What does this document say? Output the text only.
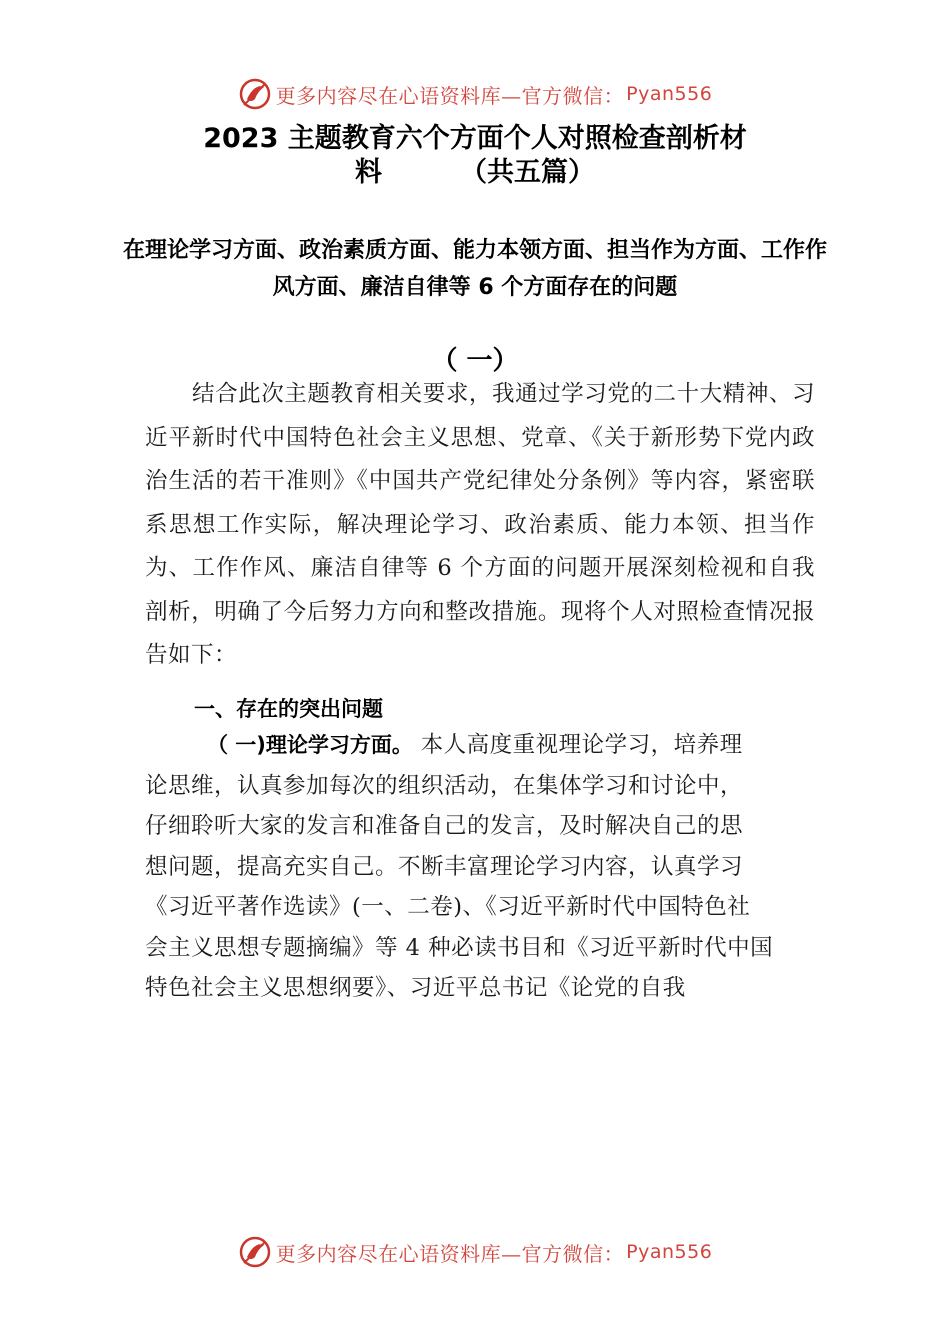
更多内容尽在心语资料库—官方微信： Pyan556
2023 主题教育六个方面个人对照检查剖析材
料	（共五篇）
在理论学习方面、政治素质方面、能力本领方面、担当作为方面、工作作风方面、廉洁自律等 6 个方面存在的问题
（ 一）
结合此次主题教育相关要求，我通过学习党的二十大精神、习近平新时代中国特色社会主义思想、党章、《关于新形势下党内政治生活的若干准则》《中国共产党纪律处分条例》等内容，紧密联系思想工作实际，解决理论学习、政治素质、能力本领、担当作为、工作作风、廉洁自律等 6 个方面的问题开展深刻检视和自我剖析，明确了今后努力方向和整改措施。现将个人对照检查情况报告如下：
一、存在的突出问题
（ 一)理论学习方面。 本人高度重视理论学习，培养理
论思维，认真参加每次的组织活动，在集体学习和讨论中，
仔细聆听大家的发言和准备自己的发言，及时解决自己的思
想问题，提高充实自己。不断丰富理论学习内容，认真学习
《习近平著作选读》(一、二卷)、《习近平新时代中国特色社
会主义思想专题摘编》等 4 种必读书目和《习近平新时代中国
特色社会主义思想纲要》、习近平总书记《论党的自我
更多内容尽在心语资料库—官方微信： Pyan556
